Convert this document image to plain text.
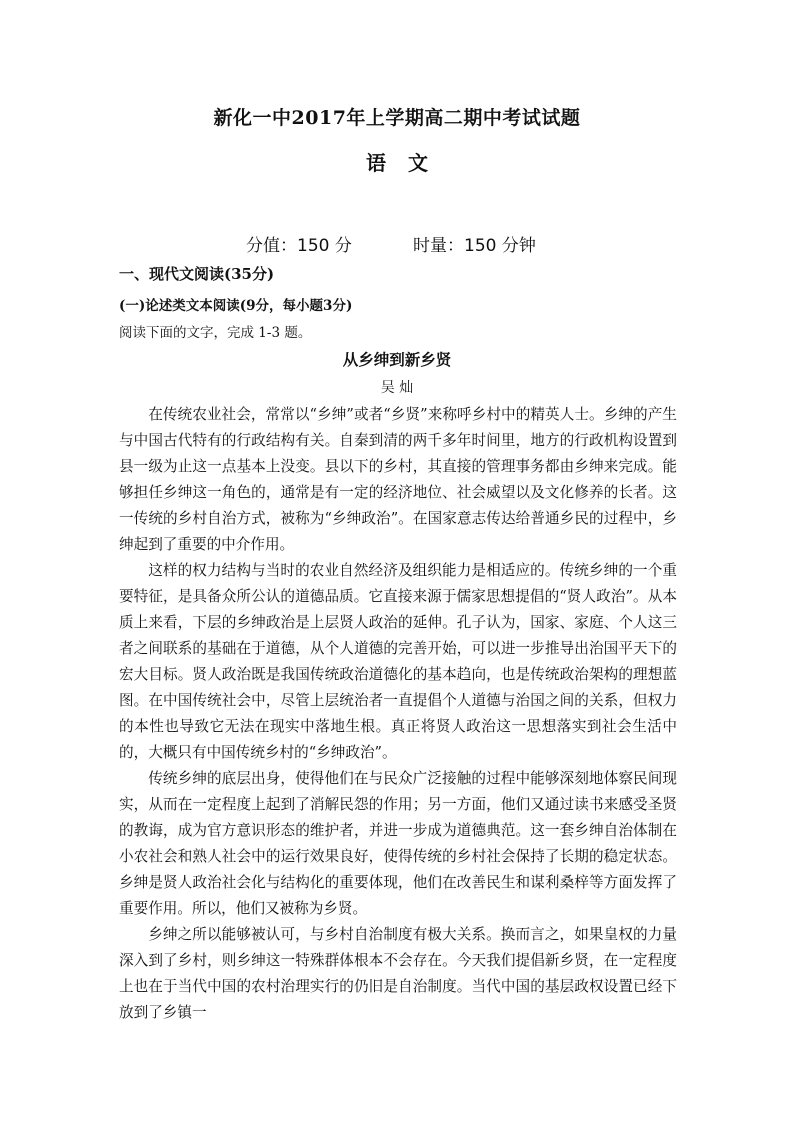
新化一中2017年上学期高二期中考试试题
语 文
分值：150 分	时量：150 分钟
一、现代文阅读(35分)
(一)论述类文本阅读(9分，每小题3分)
阅读下面的文字，完成 1-3 题。
从乡绅到新乡贤
吴 灿

在传统农业社会，常常以“乡绅”或者“乡贤”来称呼乡村中的精英人士。乡绅的产生与中国古代特有的行政结构有关。自秦到清的两千多年时间里，地方的行政机构设置到县一级为止这一点基本上没变。县以下的乡村，其直接的管理事务都由乡绅来完成。能够担任乡绅这一角色的，通常是有一定的经济地位、社会威望以及文化修养的长者。这一传统的乡村自治方式，被称为“乡绅政治”。在国家意志传达给普通乡民的过程中，乡绅起到了重要的中介作用。

这样的权力结构与当时的农业自然经济及组织能力是相适应的。传统乡绅的一个重要特征，是具备众所公认的道德品质。它直接来源于儒家思想提倡的“贤人政治”。从本质上来看，下层的乡绅政治是上层贤人政治的延伸。孔子认为，国家、家庭、个人这三者之间联系的基础在于道德，从个人道德的完善开始，可以进一步推导出治国平天下的宏大目标。贤人政治既是我国传统政治道德化的基本趋向，也是传统政治架构的理想蓝图。在中国传统社会中，尽管上层统治者一直提倡个人道德与治国之间的关系，但权力的本性也导致它无法在现实中落地生根。真正将贤人政治这一思想落实到社会生活中的，大概只有中国传统乡村的“乡绅政治”。

传统乡绅的底层出身，使得他们在与民众广泛接触的过程中能够深刻地体察民间现实，从而在一定程度上起到了消解民怨的作用；另一方面，他们又通过读书来感受圣贤的教诲，成为官方意识形态的维护者，并进一步成为道德典范。这一套乡绅自治体制在小农社会和熟人社会中的运行效果良好，使得传统的乡村社会保持了长期的稳定状态。乡绅是贤人政治社会化与结构化的重要体现，他们在改善民生和谋利桑梓等方面发挥了重要作用。所以，他们又被称为乡贤。

乡绅之所以能够被认可，与乡村自治制度有极大关系。换而言之，如果皇权的力量深入到了乡村，则乡绅这一特殊群体根本不会存在。今天我们提倡新乡贤，在一定程度上也在于当代中国的农村治理实行的仍旧是自治制度。当代中国的基层政权设置已经下放到了乡镇一
